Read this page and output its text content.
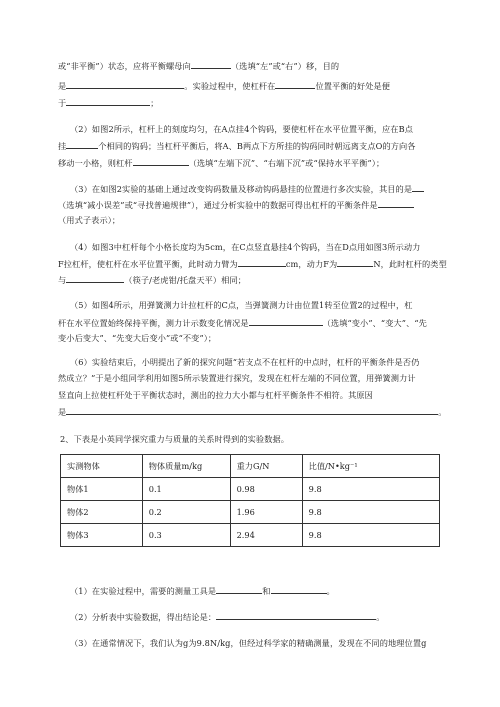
或“非平衡”）状态，应将平衡螺母向	（选填“左”或“右”）移，目的
是	。实验过程中，使杠杆在	位置平衡的好处是便
于	；
（2）如图2所示，杠杆上的刻度均匀，在A点挂4个钩码，要使杠杆在水平位置平衡，应在B点
挂	个相同的钩码；当杠杆平衡后，将A、B两点下方所挂的钩码同时朝远离支点O的方向各
移动一小格，则杠杆	（选填“左端下沉”、“右端下沉”或“保持水平平衡”）；
（3）在如图2实验的基础上通过改变钩码数量及移动钩码悬挂的位置进行多次实验，其目的是
（选填“减小误差”或“寻找普遍规律”），通过分析实验中的数据可得出杠杆的平衡条件是
（用式子表示）；
（4）如图3中杠杆每个小格长度均为5cm，在C点竖直悬挂4个钩码，当在D点用如图3所示动力
F拉杠杆，使杠杆在水平位置平衡，此时动力臂为	cm，动力F为	N，此时杠杆的类型
与	（筷子/老虎钳/托盘天平）相同；
（5）如图4所示，用弹簧测力计拉杠杆的C点，当弹簧测力计由位置1转至位置2的过程中，杠
杆在水平位置始终保持平衡，测力计示数变化情况是	（选填“变小”、“变大”、“先
变小后变大”、“先变大后变小”或“不变”）；
（6）实验结束后，小明提出了新的探究问题“若支点不在杠杆的中点时，杠杆的平衡条件是否仍
然成立？”于是小组同学利用如图5所示装置进行探究，发现在杠杆左端的不同位置，用弹簧测力计
竖直向上拉使杠杆处于平衡状态时，测出的拉力大小都与杠杆平衡条件不相符。其原因
是	。
2、下表是小英同学探究重力与质量的关系时得到的实验数据。
实测物体	物体质量m/kg	重力G/N	比值/N•kg⁻¹
物体1	0.1	0.98	9.8
物体2	0.2	1.96	9.8
物体3	0.3	2.94	9.8
（1）在实验过程中，需要的测量工具是	和	。
（2）分析表中实验数据，得出结论是：	。
（3）在通常情况下，我们认为g为9.8N/kg，但经过科学家的精确测量，发现在不同的地理位置g
